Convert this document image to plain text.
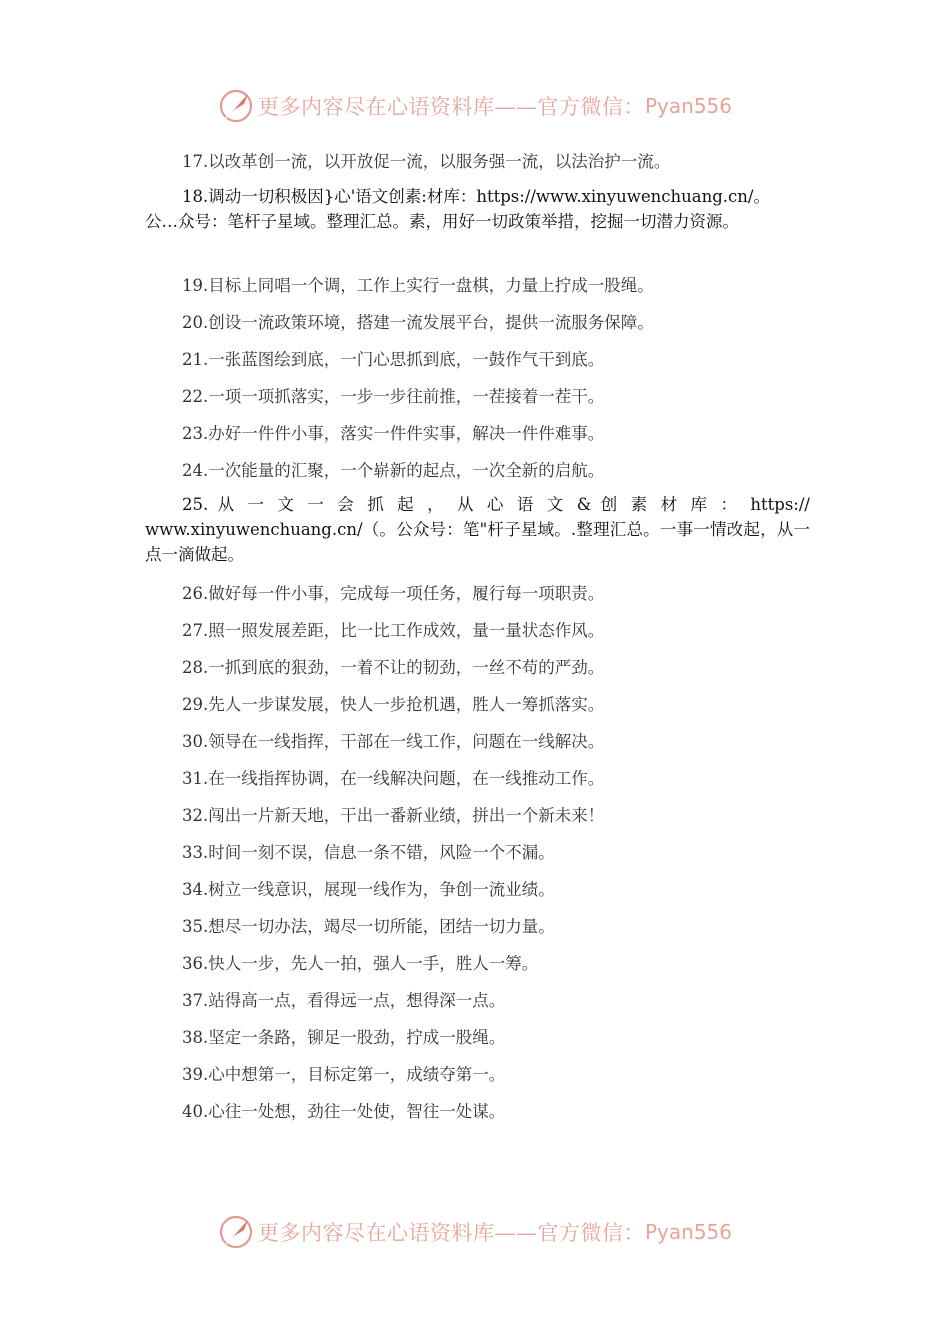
更多内容尽在心语资料库——官方微信： Pyan556
17.以改革创一流，以开放促一流，以服务强一流，以法治护一流。
18.调动一切积极因}心'语文创素:材库：https://www.xinyuwenchuang.cn/。
公…众号：笔杆子星域。整理汇总。素，用好一切政策举措，挖掘一切潜力资源。
19.目标上同唱一个调，工作上实行一盘棋，力量上拧成一股绳。
20.创设一流政策环境，搭建一流发展平台，提供一流服务保障。
21.一张蓝图绘到底，一门心思抓到底，一鼓作气干到底。
22.一项一项抓落实，一步一步往前推，一茬接着一茬干。
23.办好一件件小事，落实一件件实事，解决一件件难事。
24.一次能量的汇聚，一个崭新的起点，一次全新的启航。
25. 从 一 文 一 会 抓 起 ， 从 心 语 文 & 创 素 材 库 ： https://
www.xinyuwenchuang.cn/（。公众号：笔"杆子星域。.整理汇总。一事一情改起，从一点一滴做起。
26.做好每一件小事，完成每一项任务，履行每一项职责。
27.照一照发展差距，比一比工作成效，量一量状态作风。
28.一抓到底的狠劲，一着不让的韧劲，一丝不苟的严劲。
29.先人一步谋发展，快人一步抢机遇，胜人一筹抓落实。
30.领导在一线指挥，干部在一线工作，问题在一线解决。
31.在一线指挥协调，在一线解决问题，在一线推动工作。
32.闯出一片新天地，干出一番新业绩，拼出一个新未来！
33.时间一刻不误，信息一条不错，风险一个不漏。
34.树立一线意识，展现一线作为，争创一流业绩。
35.想尽一切办法，竭尽一切所能，团结一切力量。
36.快人一步，先人一拍，强人一手，胜人一筹。
37.站得高一点，看得远一点，想得深一点。
38.坚定一条路，铆足一股劲，拧成一股绳。
39.心中想第一，目标定第一，成绩夺第一。
40.心往一处想，劲往一处使，智往一处谋。
更多内容尽在心语资料库——官方微信： Pyan556
